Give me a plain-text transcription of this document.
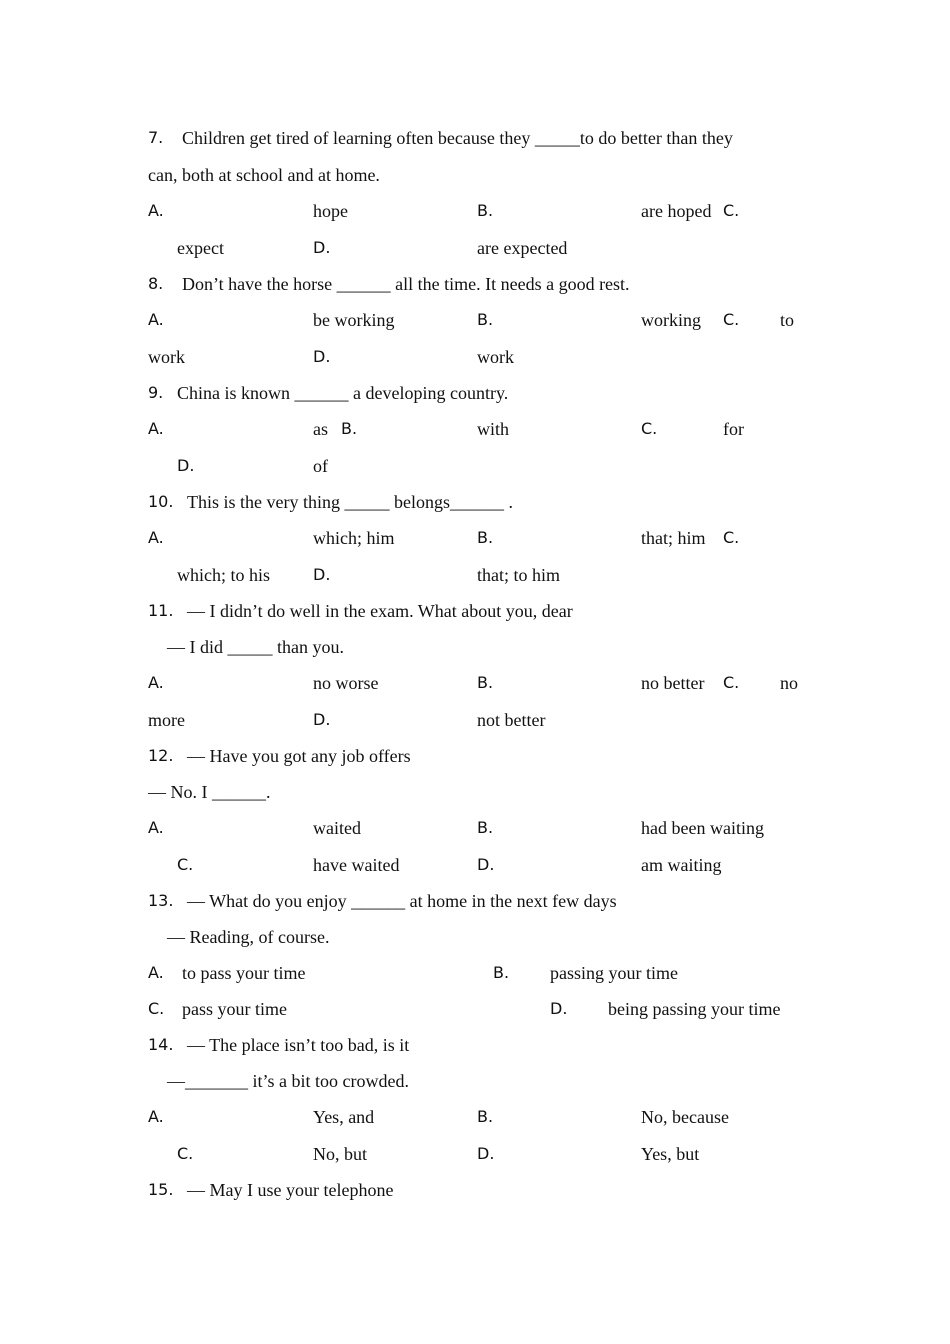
7. Children get tired of learning often because they _____to do better than they
can, both at school and at home.
A.	hope	B.	are hoped C.
expect	D.	are expected
8. Don’t have the horse ______ all the time. It needs a good rest.
A.	be working	B.	working C. to
work	D.	work
9. China is known ______ a developing country.
A.	as B.	with	C.	for
D.	of
10. This is the very thing _____ belongs______ .
A.	which; him	B.	that; him C.
which; to his	D.	that; to him
11. — I didn’t do well in the exam. What about you, dear
— I did _____ than you.
A.	no worse	B.	no better C. no
more	D.	not better
12. — Have you got any job offers
— No. I ______.
A.	waited	B.	had been waiting
C.	have waited	D.	am waiting
13. — What do you enjoy ______ at home in the next few days
— Reading, of course.
A. to pass your time	B. passing your time
C. pass your time	D. being passing your time
14. — The place isn’t too bad, is it
—_______ it’s a bit too crowded.
A.	Yes, and	B.	No, because
C.	No, but	D.	Yes, but
15. — May I use your telephone
